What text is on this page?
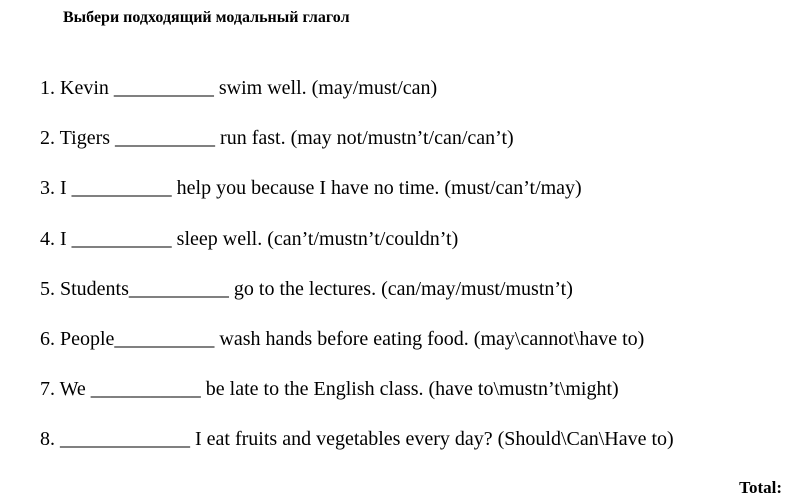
Выбери подходящий модальный глагол
1. Kevin __________ swim well. (may/must/can)
2. Tigers __________ run fast. (may not/mustn’t/can/can’t)
3. I __________ help you because I have no time. (must/can’t/may)
4. I __________ sleep well. (can’t/mustn’t/couldn’t)
5. Students__________ go to the lectures. (can/may/must/mustn’t)
6. People__________ wash hands before eating food. (may\cannot\have to)
7. We ___________ be late to the English class. (have to\mustn’t\might)
8. _____________ I eat fruits and vegetables every day? (Should\Can\Have to)
Total:
